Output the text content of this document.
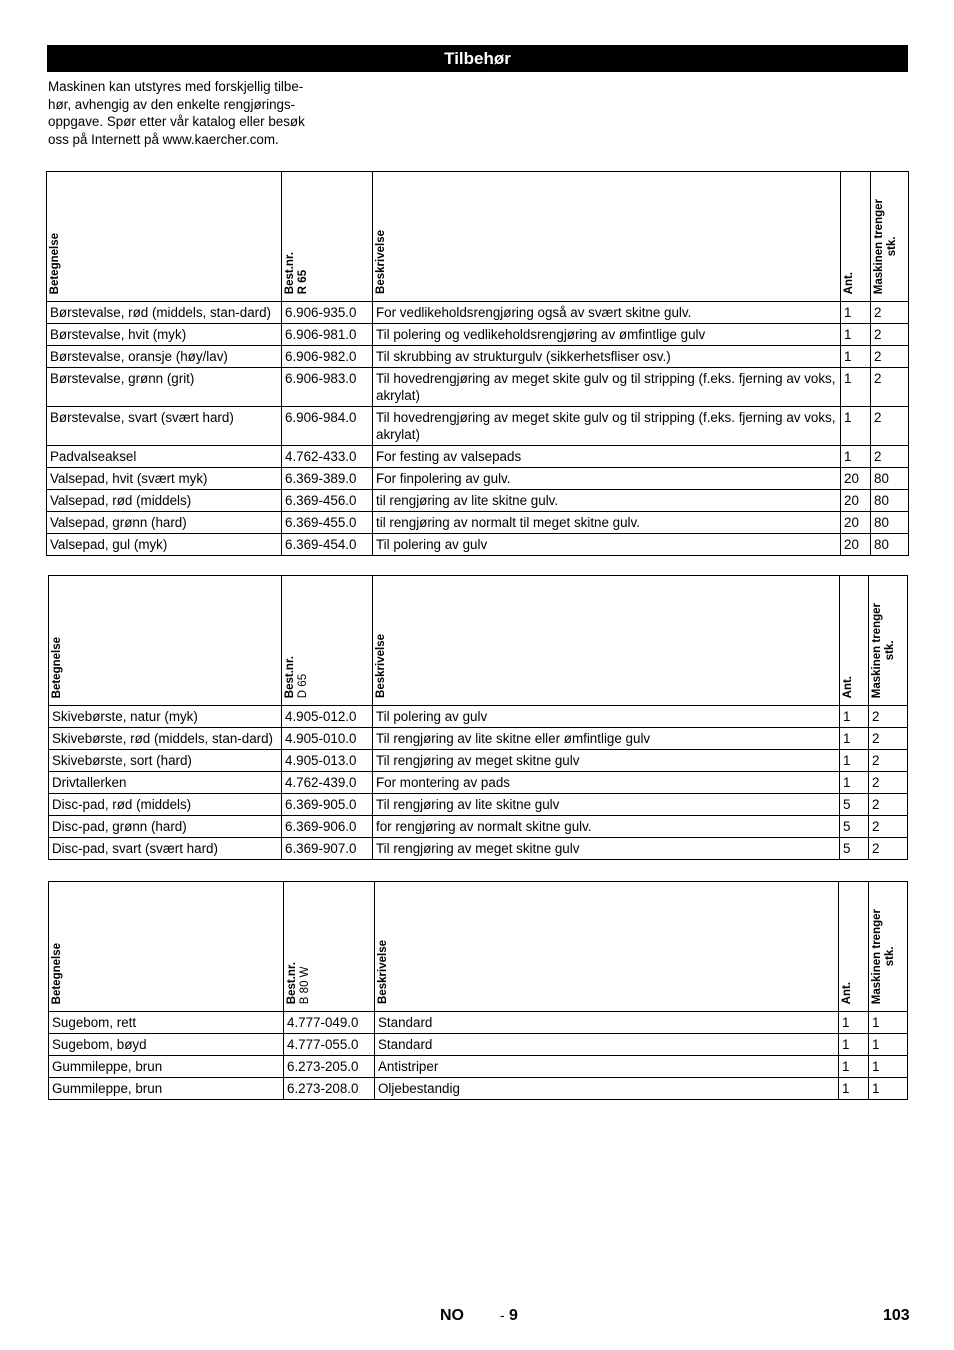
Tilbehør
Maskinen kan utstyres med forskjellig tilbe-
hør, avhengig av den enkelte rengjørings-
oppgave. Spør etter vår katalog eller besøk
oss på Internett på www.kaercher.com.
Betegnelse	Best.nr. R 65	Beskrivelse	Ant.	Maskinen trenger stk.

Børstevalse, rød (middels, stan-dard)	6.906-935.0	For vedlikeholdsrengjøring også av svært skitne gulv.	1	2
Børstevalse, hvit (myk)	6.906-981.0	Til polering og vedlikeholdsrengjøring av ømfintlige gulv	1	2
Børstevalse, oransje (høy/lav)	6.906-982.0	Til skrubbing av strukturgulv (sikkerhetsfliser osv.)	1	2
Børstevalse, grønn (grit)	6.906-983.0	Til hovedrengjøring av meget skite gulv og til stripping (f.eks. fjerning av voks, akrylat)	1	2
Børstevalse, svart (svært hard)	6.906-984.0	Til hovedrengjøring av meget skite gulv og til stripping (f.eks. fjerning av voks, akrylat)	1	2
Padvalseaksel	4.762-433.0	For festing av valsepads	1	2
Valsepad, hvit (svært myk)	6.369-389.0	For finpolering av gulv.	20	80
Valsepad, rød (middels)	6.369-456.0	til rengjøring av lite skitne gulv.	20	80
Valsepad, grønn (hard)	6.369-455.0	til rengjøring av normalt til meget skitne gulv.	20	80
Valsepad, gul (myk)	6.369-454.0	Til polering av gulv	20	80
Betegnelse	Best.nr. D 65	Beskrivelse	Ant.	Maskinen trenger stk.

Skivebørste, natur (myk)	4.905-012.0	Til polering av gulv	1	2
Skivebørste, rød (middels, stan-dard)	4.905-010.0	Til rengjøring av lite skitne eller ømfintlige gulv	1	2
Skivebørste, sort (hard)	4.905-013.0	Til rengjøring av meget skitne gulv	1	2
Drivtallerken	4.762-439.0	For montering av pads	1	2
Disc-pad, rød (middels)	6.369-905.0	Til rengjøring av lite skitne gulv	5	2
Disc-pad, grønn (hard)	6.369-906.0	for rengjøring av normalt skitne gulv.	5	2
Disc-pad, svart (svært hard)	6.369-907.0	Til rengjøring av meget skitne gulv	5	2
Betegnelse	Best.nr. B 80 W	Beskrivelse	Ant.	Maskinen trenger stk.

Sugebom, rett	4.777-049.0	Standard	1	1
Sugebom, bøyd	4.777-055.0	Standard	1	1
Gummileppe, brun	6.273-205.0	Antistriper	1	1
Gummileppe, brun	6.273-208.0	Oljebestandig	1	1
NO	- 9	103
